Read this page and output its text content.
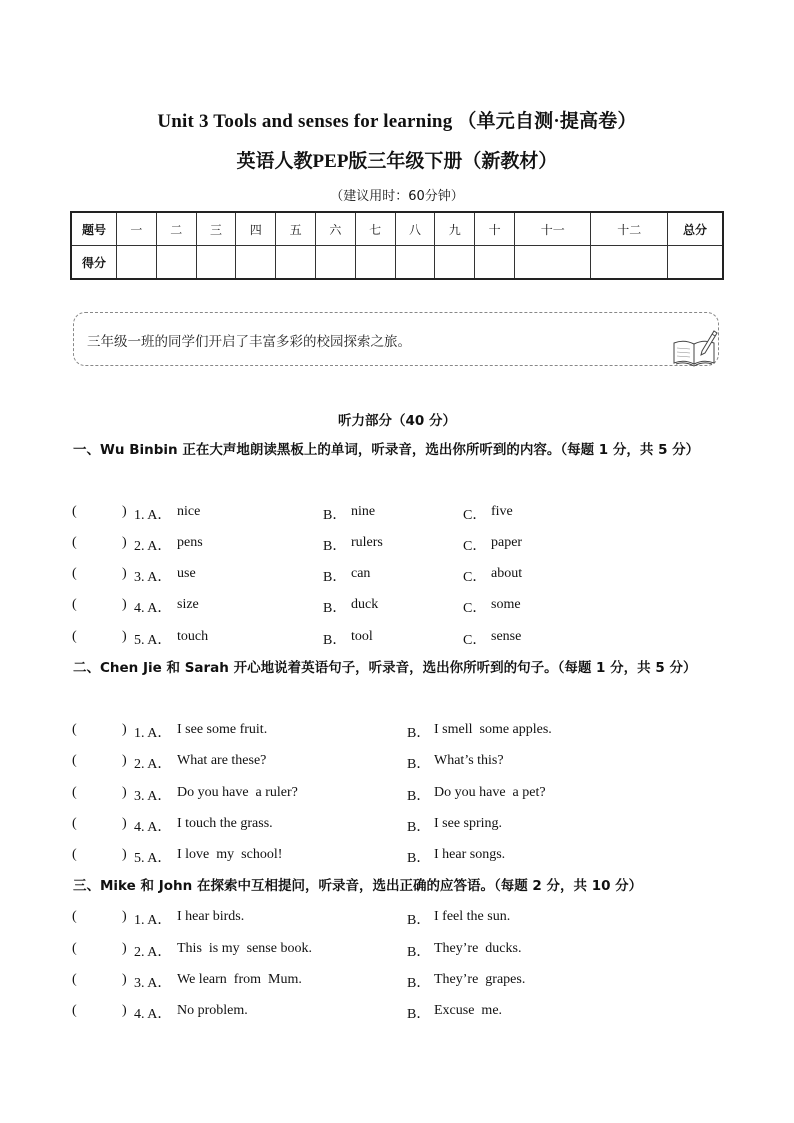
Unit 3 Tools and senses for learning （单元自测·提高卷）
英语人教PEP版三年级下册（新教材）
（建议用时：60分钟）
题号	一	二	三	四	五	六	七	八	九	十	十一	十二	总分
得分													
三年级一班的同学们开启了丰富多彩的校园探索之旅。
听力部分（40 分）
一、Wu Binbin 正在大声地朗读黑板上的单词，听录音，选出你所听到的内容。（每题 1 分，共 5 分）
(	) 1. A． nice	B． nine	C． five
(	) 2. A． pens	B． rulers	C． paper
(	) 3. A． use	B． can	C． about
(	) 4. A． size	B． duck	C． some
(	) 5. A． touch	B． tool	C． sense
二、Chen Jie 和 Sarah 开心地说着英语句子，听录音，选出你所听到的句子。（每题 1 分，共 5 分）
(	) 1. A． I see some fruit.	B． I smell  some apples.
(	) 2. A． What are these?	B． What’s this?
(	) 3. A． Do you have  a ruler?	B． Do you have  a pet?
(	) 4. A． I touch the grass.	B． I see spring.
(	) 5. A． I love  my  school!	B． I hear songs.
三、Mike 和 John 在探索中互相提问，听录音，选出正确的应答语。（每题 2 分，共 10 分）
(	) 1. A． I hear birds.	B． I feel the sun.
(	) 2. A． This  is my  sense book.	B． They’re  ducks.
(	) 3. A． We learn  from  Mum.	B． They’re  grapes.
(	) 4. A． No problem.	B． Excuse  me.
